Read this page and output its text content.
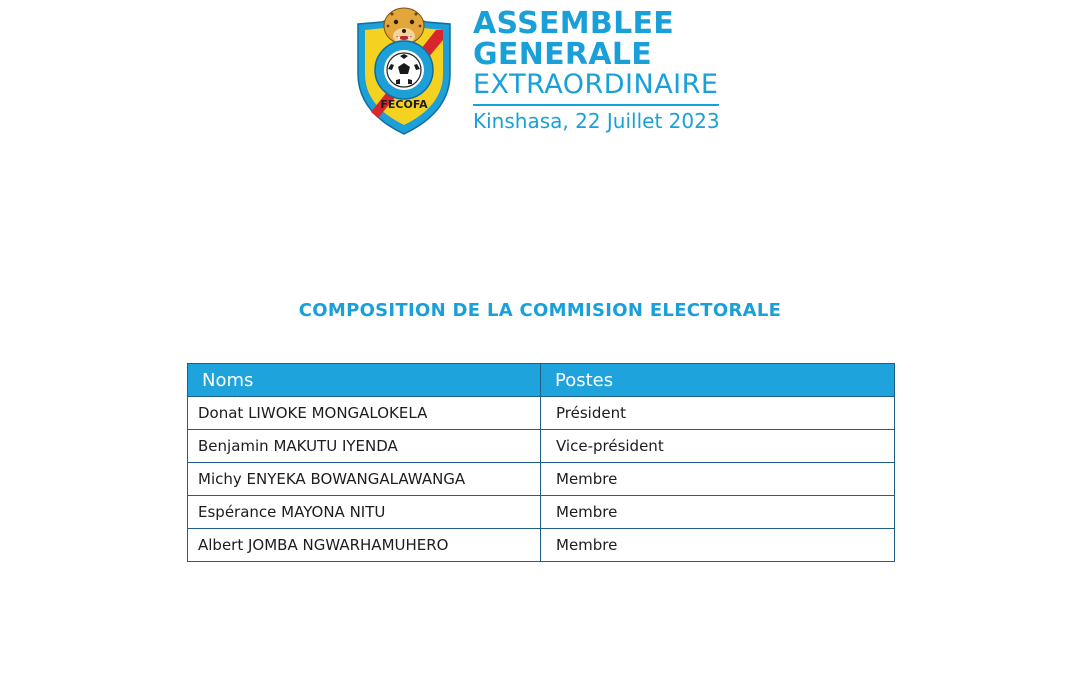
FECOFA
ASSEMBLEE
GENERALE
EXTRAORDINAIRE
Kinshasa, 22 Juillet 2023
COMPOSITION DE LA COMMISION ELECTORALE
Noms	Postes
Donat LIWOKE MONGALOKELA	Président
Benjamin MAKUTU IYENDA	Vice-président
Michy ENYEKA BOWANGALAWANGA	Membre
Espérance MAYONA NITU	Membre
Albert JOMBA NGWARHAMUHERO	Membre
